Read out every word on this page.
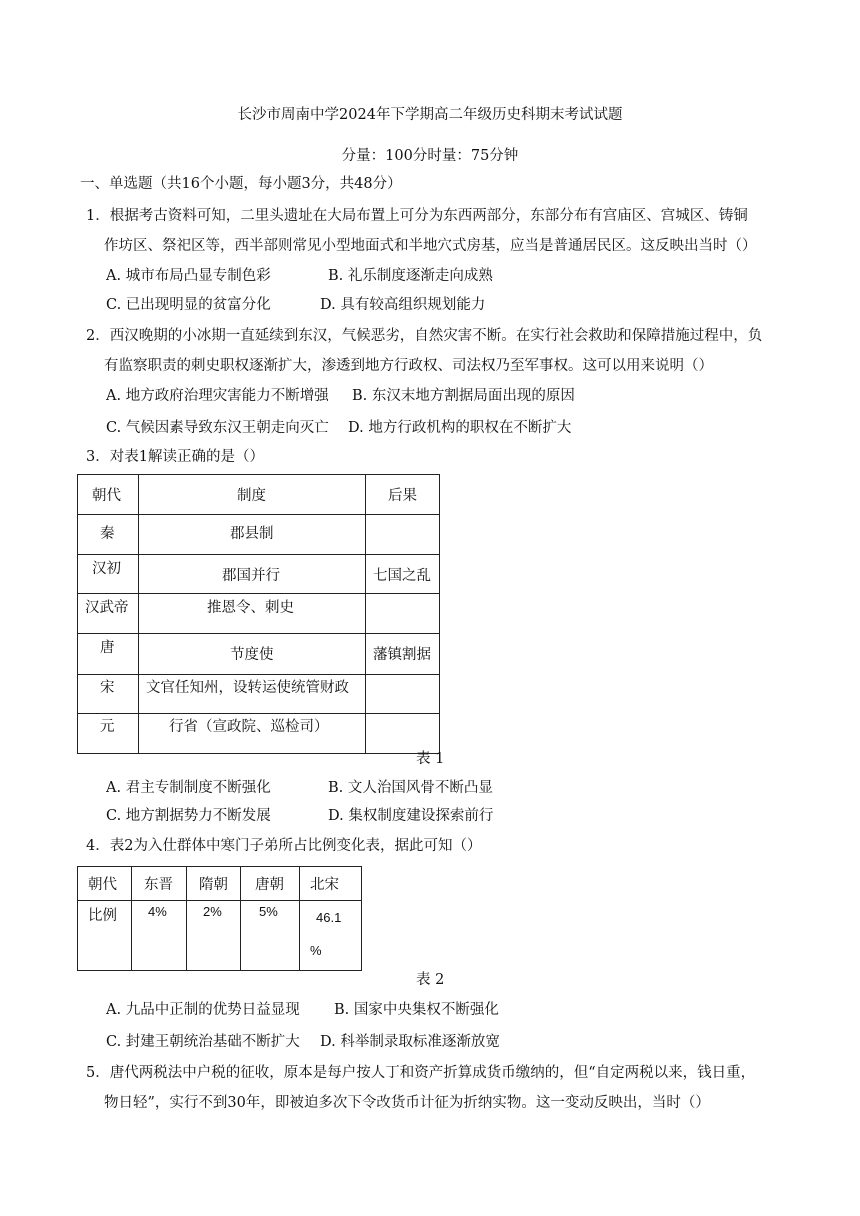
长沙市周南中学2024年下学期高二年级历史科期末考试试题
分量：100分时量：75分钟
一、单选题（共16个小题，每小题3分，共48分）
1．根据考古资料可知，二里头遗址在大局布置上可分为东西两部分，东部分布有宫庙区、宫城区、铸铜
作坊区、祭祀区等，西半部则常见小型地面式和半地穴式房基，应当是普通居民区。这反映出当时（）
A. 城市布局凸显专制色彩	B. 礼乐制度逐渐走向成熟
C. 已出现明显的贫富分化	D. 具有较高组织规划能力
2．西汉晚期的小冰期一直延续到东汉，气候恶劣，自然灾害不断。在实行社会救助和保障措施过程中，负
有监察职责的刺史职权逐渐扩大，渗透到地方行政权、司法权乃至军事权。这可以用来说明（）
A. 地方政府治理灾害能力不断增强 B. 东汉末地方割据局面出现的原因
C. 气候因素导致东汉王朝走向灭亡 D. 地方行政机构的职权在不断扩大
3．对表1解读正确的是（）
朝代	制度	后果

秦	郡县制	

汉初	郡国并行	七国之乱

汉武帝	推恩令、刺史	

唐	节度使	藩镇割据

宋	文官任知州，设转运使统管财政	

元	行省（宣政院、巡检司）	

表 1
A. 君主专制制度不断强化	B. 文人治国风骨不断凸显
C. 地方割据势力不断发展	D. 集权制度建设探索前行
4．表2为入仕群体中寒门子弟所占比例变化表，据此可知（）
朝代	东晋	隋朝	唐朝	北宋

比例	4%	2%	5%	46.1
%
表 2
A. 九品中正制的优势日益显现 B. 国家中央集权不断强化
C. 封建王朝统治基础不断扩大 D. 科举制录取标准逐渐放宽
5．唐代两税法中户税的征收，原本是每户按人丁和资产折算成货币缴纳的，但“自定两税以来，钱日重，
物日轻”，实行不到30年，即被迫多次下令改货币计征为折纳实物。这一变动反映出，当时（）
